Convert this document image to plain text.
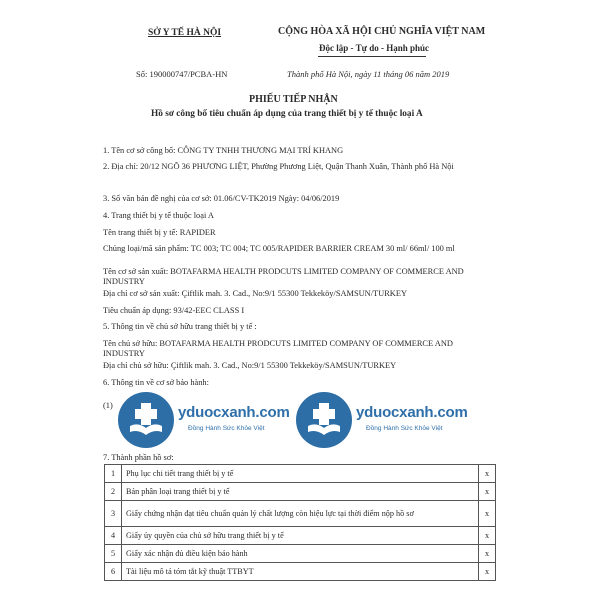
SỞ Y TẾ HÀ NỘI	CỘNG HÒA XÃ HỘI CHỦ NGHĨA VIỆT NAM
Độc lập - Tự do - Hạnh phúc
Số: 190000747/PCBA-HN	Thành phố Hà Nội, ngày 11 tháng 06 năm 2019
PHIẾU TIẾP NHẬN
Hồ sơ công bố tiêu chuẩn áp dụng của trang thiết bị y tế thuộc loại A
1. Tên cơ sở công bố: CÔNG TY TNHH THƯƠNG MẠI TRÍ KHANG
2. Địa chỉ: 20/12 NGÕ 36 PHƯƠNG LIỆT, Phường Phương Liệt, Quận Thanh Xuân, Thành phố Hà Nội
3. Số văn bản đề nghị của cơ sở: 01.06/CV-TK2019 Ngày: 04/06/2019
4. Trang thiết bị y tế thuộc loại A
Tên trang thiết bị y tế: RAPIDER
Chủng loại/mã sản phẩm: TC 003; TC 004; TC 005/RAPIDER BARRIER CREAM 30 ml/ 66ml/ 100 ml
Tên cơ sở sản xuất: BOTAFARMA HEALTH PRODCUTS LIMITED COMPANY OF COMMERCE AND INDUSTRY
Địa chỉ cơ sở sản xuất: Çiftlik mah. 3. Cad., No:9/1 55300 Tekkeköy/SAMSUN/TURKEY
Tiêu chuẩn áp dụng: 93/42-EEC CLASS I
5. Thông tin về chủ sở hữu trang thiết bị y tế :
Tên chủ sở hữu: BOTAFARMA HEALTH PRODCUTS LIMITED COMPANY OF COMMERCE AND INDUSTRY
Địa chỉ chủ sở hữu: Çiftlik mah. 3. Cad., No:9/1 55300 Tekkeköy/SAMSUN/TURKEY
6. Thông tin về cơ sở bảo hành:
(1)	yduocxanh.com
Đồng Hành Sức Khỏe Việt
yduocxanh.com
Đồng Hành Sức Khỏe Việt
7. Thành phần hồ sơ:
1	Phụ lục chi tiết trang thiết bị y tế	x
2	Bản phân loại trang thiết bị y tế	x
3	Giấy chứng nhận đạt tiêu chuẩn quản lý chất lượng còn hiệu lực tại thời điểm nộp hồ sơ	x
4	Giấy ủy quyền của chủ sở hữu trang thiết bị y tế	x
5	Giấy xác nhận đủ điều kiện bảo hành	x
6	Tài liệu mô tả tóm tắt kỹ thuật TTBYT	x
